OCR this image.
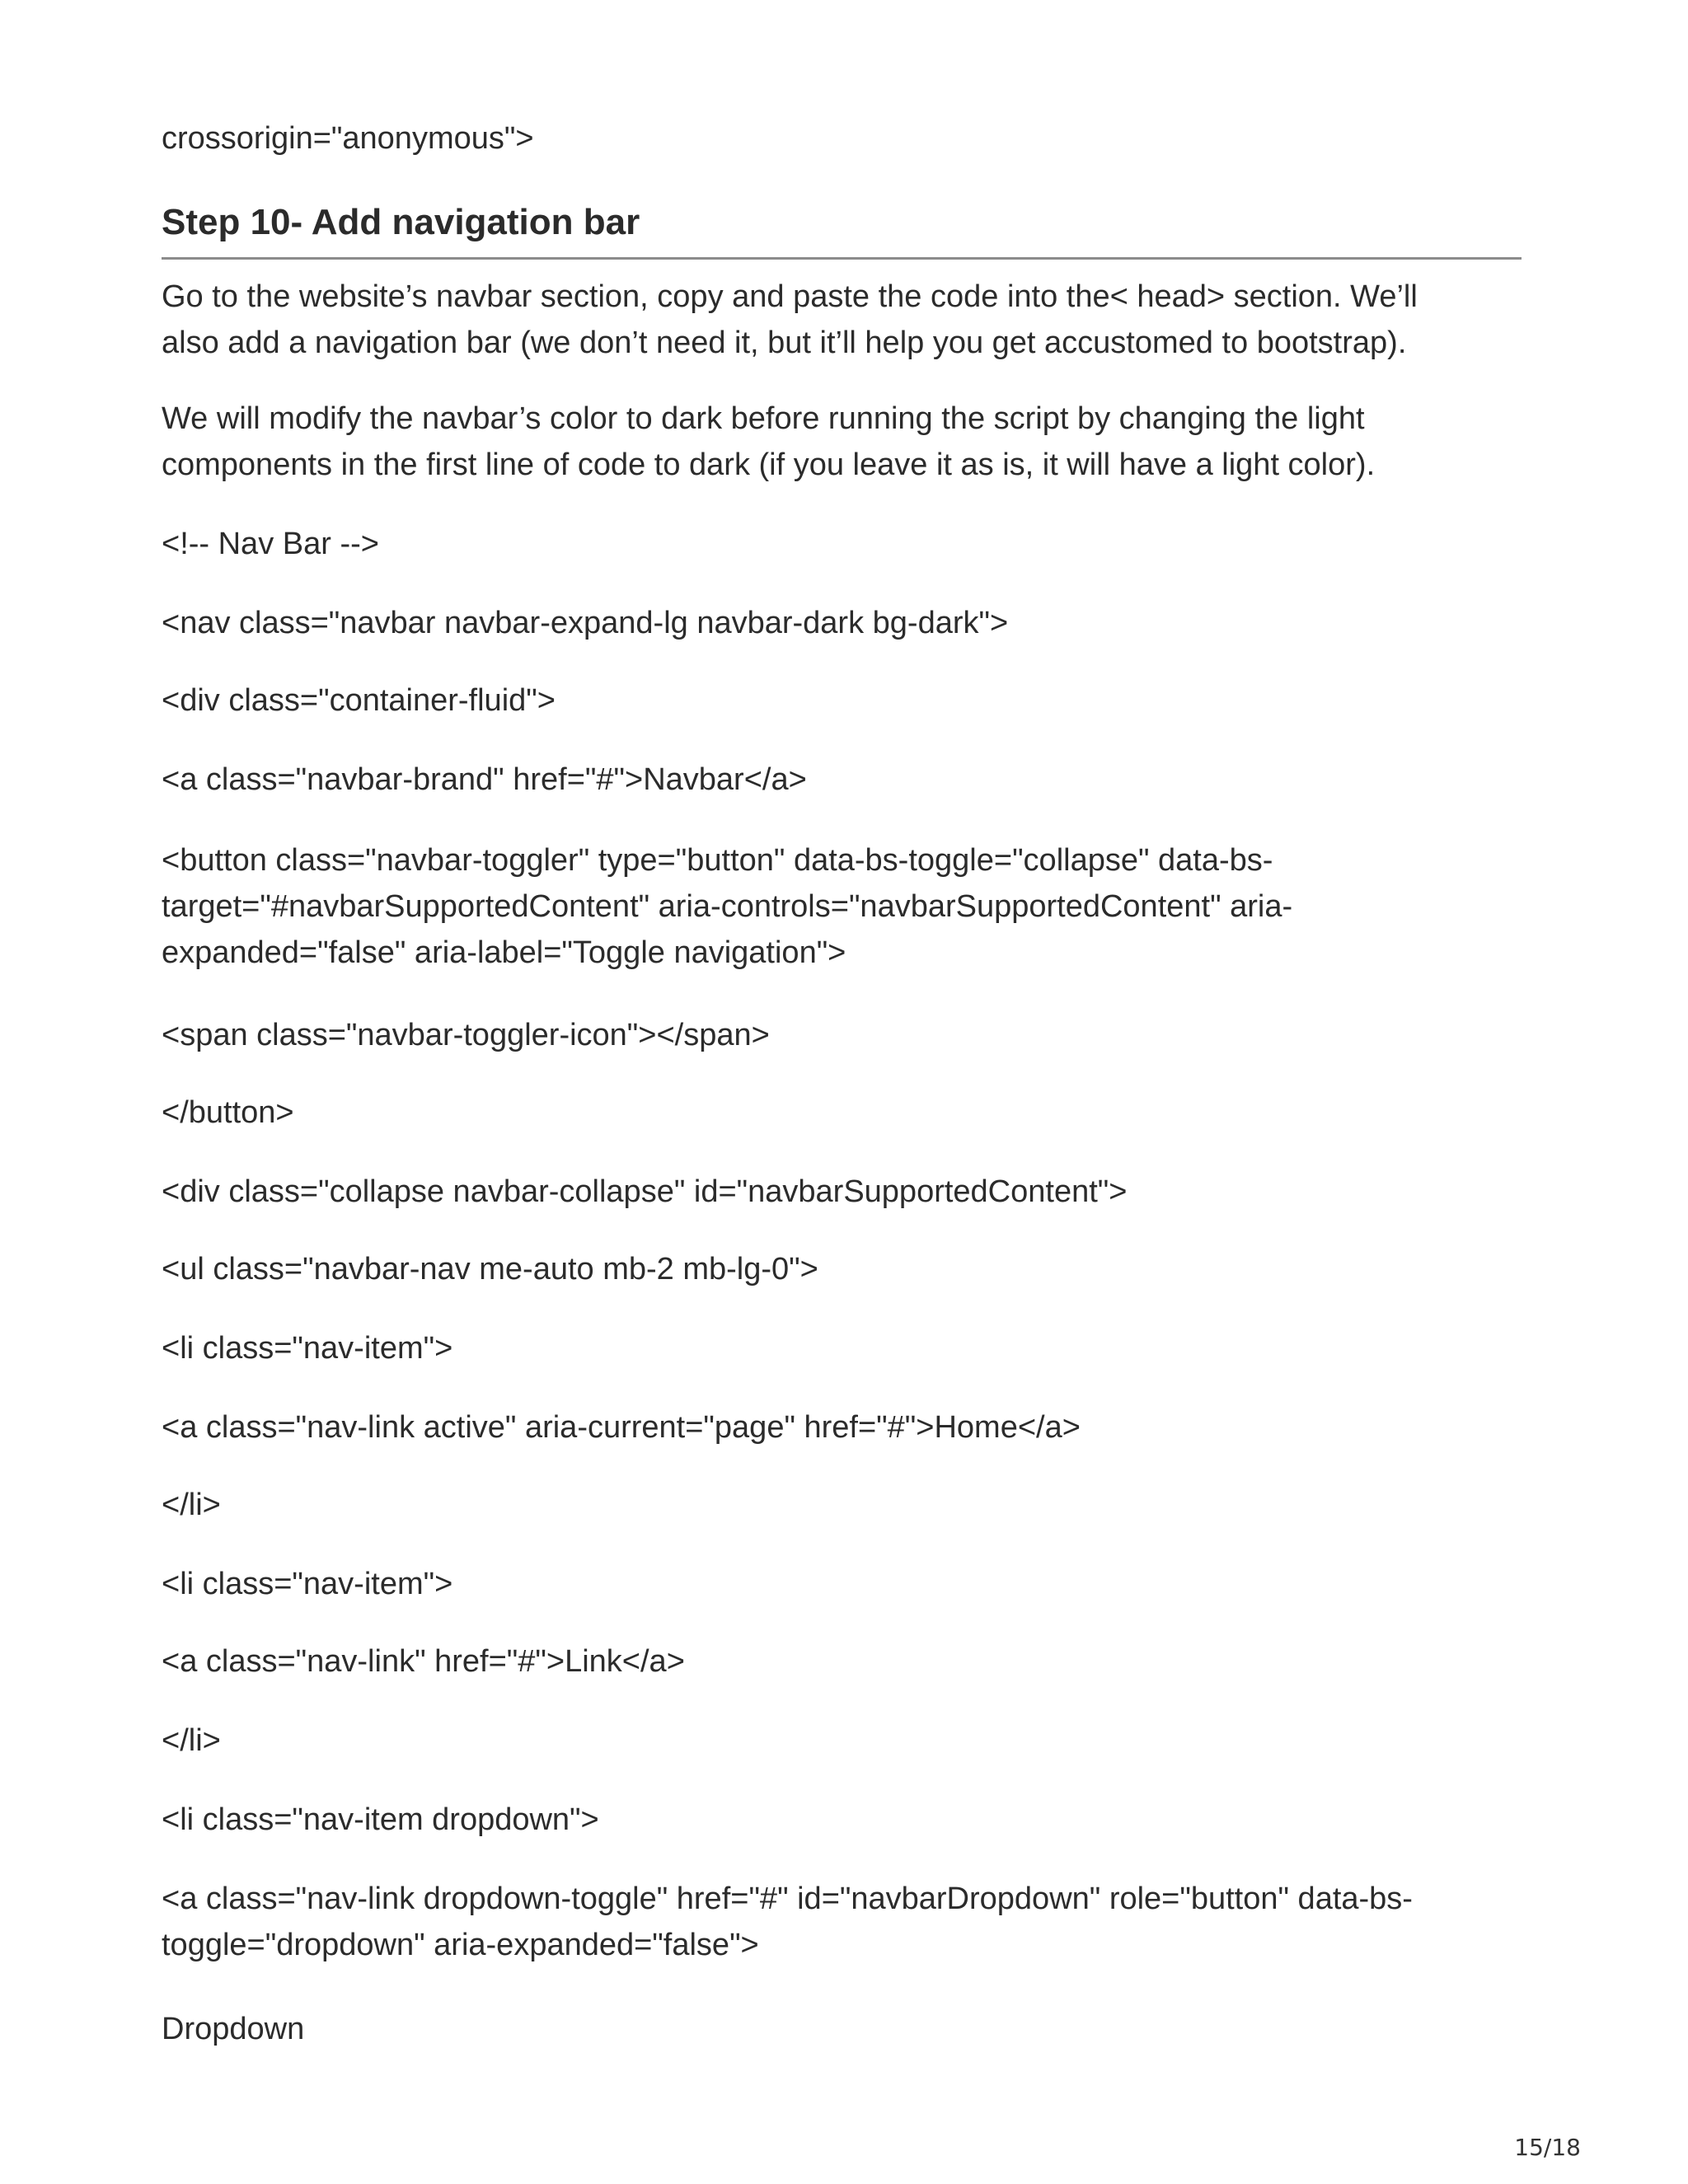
crossorigin="anonymous">
Step 10- Add navigation bar
Go to the website’s navbar section, copy and paste the code into the< head> section. We’ll
also add a navigation bar (we don’t need it, but it’ll help you get accustomed to bootstrap).
We will modify the navbar’s color to dark before running the script by changing the light
components in the first line of code to dark (if you leave it as is, it will have a light color).
<!-- Nav Bar -->
<nav class="navbar navbar-expand-lg navbar-dark bg-dark">
<div class="container-fluid">
<a class="navbar-brand" href="#">Navbar</a>
<button class="navbar-toggler" type="button" data-bs-toggle="collapse" data-bs-
target="#navbarSupportedContent" aria-controls="navbarSupportedContent" aria-
expanded="false" aria-label="Toggle navigation">
<span class="navbar-toggler-icon"></span>
</button>
<div class="collapse navbar-collapse" id="navbarSupportedContent">
<ul class="navbar-nav me-auto mb-2 mb-lg-0">
<li class="nav-item">
<a class="nav-link active" aria-current="page" href="#">Home</a>
</li>
<li class="nav-item">
<a class="nav-link" href="#">Link</a>
</li>
<li class="nav-item dropdown">
<a class="nav-link dropdown-toggle" href="#" id="navbarDropdown" role="button" data-bs-
toggle="dropdown" aria-expanded="false">
Dropdown
15/18
